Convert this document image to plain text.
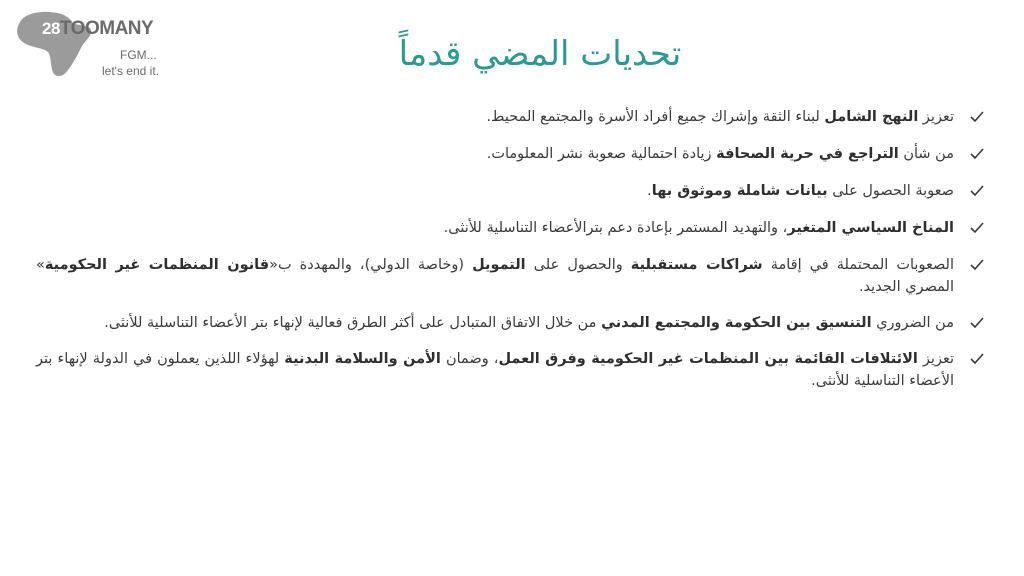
28TOOMANY
FGM...
let's end it.	تحديات المضي قدماً
تعزيز النهج الشامل لبناء الثقة وإشراك جميع أفراد الأسرة والمجتمع المحيط.
من شأن التراجع في حرية الصحافة زيادة احتمالية صعوبة نشر المعلومات.
صعوبة الحصول على بيانات شاملة وموثوق بها.
المناخ السياسي المتغير، والتهديد المستمر بإعادة دعم بترالأعضاء التناسلية للأنثى.
الصعوبات المحتملة في إقامة شراكات مستقبلية والحصول على التمويل (وخاصة الدولي)، والمهددة ب«قانون المنظمات غير الحكومية» المصري الجديد.
من الضروري التنسيق بين الحكومة والمجتمع المدني من خلال الاتفاق المتبادل على أكثر الطرق فعالية لإنهاء بتر الأعضاء التناسلية للأنثى.
تعزيز الائتلافات القائمة بين المنظمات غير الحكومية وفرق العمل، وضمان الأمن والسلامة البدنية لهؤلاء اللذين يعملون في الدولة لإنهاء بتر الأعضاء التناسلية للأنثى.
